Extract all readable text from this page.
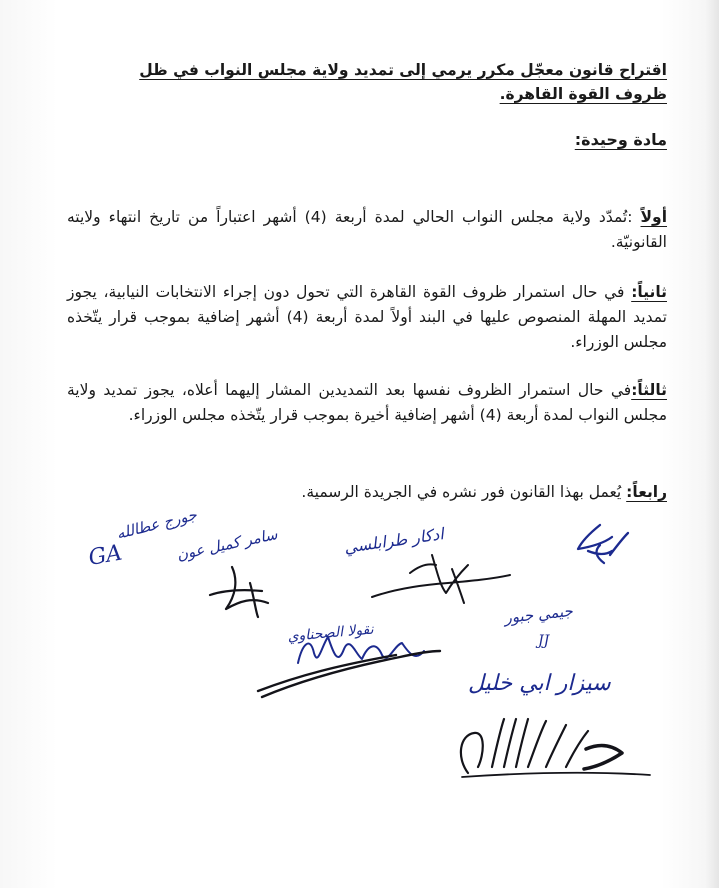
اقتراح قانون معجّل مكرر يرمي إلى تمديد ولاية مجلس النواب في ظل ظروف القوة القاهرة.
مادة وحيدة:
أولاً :تُمدّد ولاية مجلس النواب الحالي لمدة أربعة (4) أشهر اعتباراً من تاريخ انتهاء ولايته القانونيّة.
ثانياً: في حال استمرار ظروف القوة القاهرة التي تحول دون إجراء الانتخابات النيابية، يجوز تمديد المهلة المنصوص عليها في البند أولاً لمدة أربعة (4) أشهر إضافية بموجب قرار يتّخذه مجلس الوزراء.
ثالثاً:في حال استمرار الظروف نفسها بعد التمديدين المشار إليهما أعلاه، يجوز تمديد ولاية مجلس النواب لمدة أربعة (4) أشهر إضافية أخيرة بموجب قرار يتّخذه مجلس الوزراء.
رابعاً: يُعمل بهذا القانون فور نشره في الجريدة الرسمية.
جورج عطالله
GA	سامر كميل عون	ادكار طرابلسي
جيمي جبور
JJ
نقولا الصحناوي
سيزار ابي خليل
